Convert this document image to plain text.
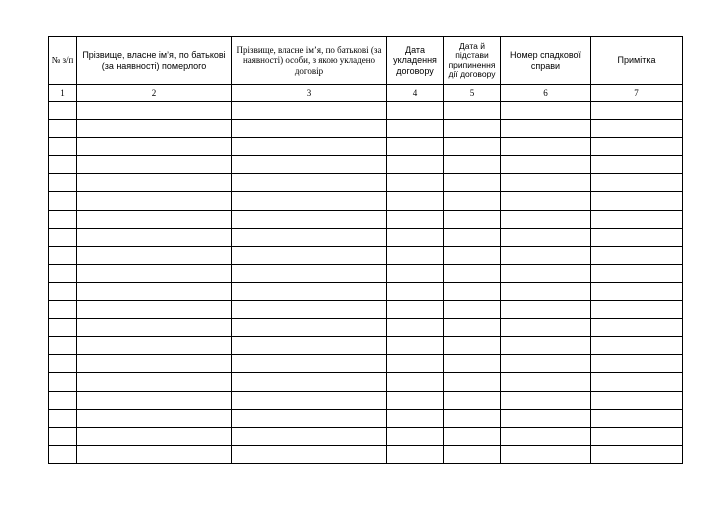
№ з/п	Прізвище, власне ім’я, по батькові (за наявності) померлого	Прізвище, власне ім’я, по батькові (за наявності) особи, з якою укладено договір	Дата укладення договору	Дата й підстави припинення дії договору	Номер спадкової справи	Примітка
1	2	3	4	5	6	7
